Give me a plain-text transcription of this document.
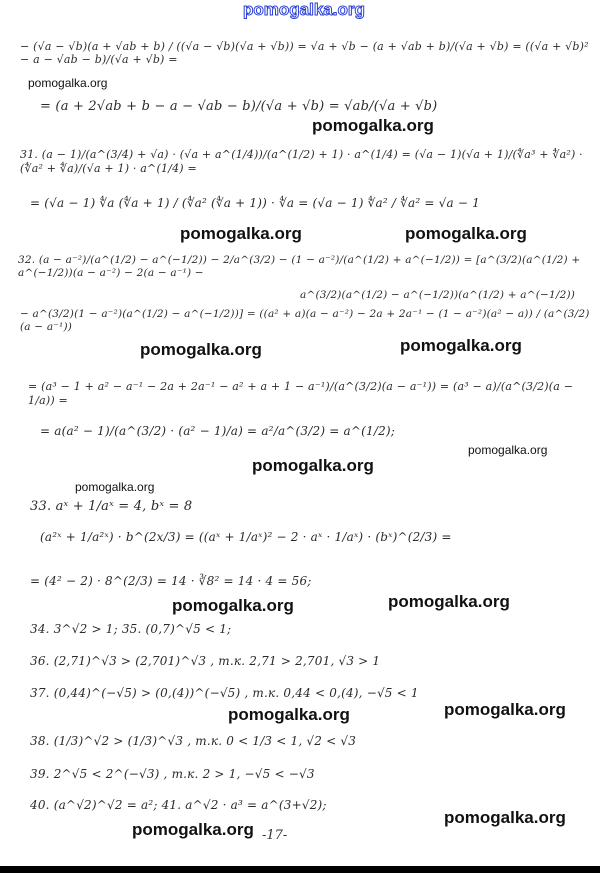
pomogalka.org
− (√a − √b)(a + √ab + b) / ((√a − √b)(√a + √b)) = √a + √b − (a + √ab + b)/(√a + √b) = ((√a + √b)² − a − √ab − b)/(√a + √b) =
pomogalka.org
= (a + 2√ab + b − a − √ab − b)/(√a + √b) = √ab/(√a + √b)
pomogalka.org
31. (a − 1)/(a^(3/4) + √a) · (√a + a^(1/4))/(a^(1/2) + 1) · a^(1/4) = (√a − 1)(√a + 1)/(∜a³ + ∜a²) · (∜a² + ∜a)/(√a + 1) · a^(1/4) =
= (√a − 1) ∜a (∜a + 1) / (∜a² (∜a + 1)) · ∜a = (√a − 1) ∜a² / ∜a² = √a − 1
pomogalka.org	pomogalka.org
32. (a − a⁻²)/(a^(1/2) − a^(−1/2)) − 2/a^(3/2) − (1 − a⁻²)/(a^(1/2) + a^(−1/2)) = [a^(3/2)(a^(1/2) + a^(−1/2))(a − a⁻²) − 2(a − a⁻¹) −
a^(3/2)(a^(1/2) − a^(−1/2))(a^(1/2) + a^(−1/2))
− a^(3/2)(1 − a⁻²)(a^(1/2) − a^(−1/2))] = ((a² + a)(a − a⁻²) − 2a + 2a⁻¹ − (1 − a⁻²)(a² − a)) / (a^(3/2)(a − a⁻¹))
pomogalka.org	pomogalka.org
= (a³ − 1 + a² − a⁻¹ − 2a + 2a⁻¹ − a² + a + 1 − a⁻¹)/(a^(3/2)(a − a⁻¹)) = (a³ − a)/(a^(3/2)(a − 1/a)) =
= a(a² − 1)/(a^(3/2) · (a² − 1)/a) = a²/a^(3/2) = a^(1/2);
pomogalka.org
pomogalka.org
pomogalka.org
33. aˣ + 1/aˣ = 4, bˣ = 8
(a²ˣ + 1/a²ˣ) · b^(2x/3) = ((aˣ + 1/aˣ)² − 2 · aˣ · 1/aˣ) · (bˣ)^(2/3) =
= (4² − 2) · 8^(2/3) = 14 · ∛8² = 14 · 4 = 56;
pomogalka.org	pomogalka.org
34. 3^√2 > 1; 35. (0,7)^√5 < 1;
36. (2,71)^√3 > (2,701)^√3 , т.к. 2,71 > 2,701, √3 > 1
37. (0,44)^(−√5) > (0,(4))^(−√5) , т.к. 0,44 < 0,(4), −√5 < 1
pomogalka.org	pomogalka.org
38. (1/3)^√2 > (1/3)^√3 , т.к. 0 < 1/3 < 1, √2 < √3
39. 2^√5 < 2^(−√3) , т.к. 2 > 1, −√5 < −√3
40. (a^√2)^√2 = a²; 41. a^√2 · a³ = a^(3+√2);
pomogalka.org
pomogalka.org
-17-
